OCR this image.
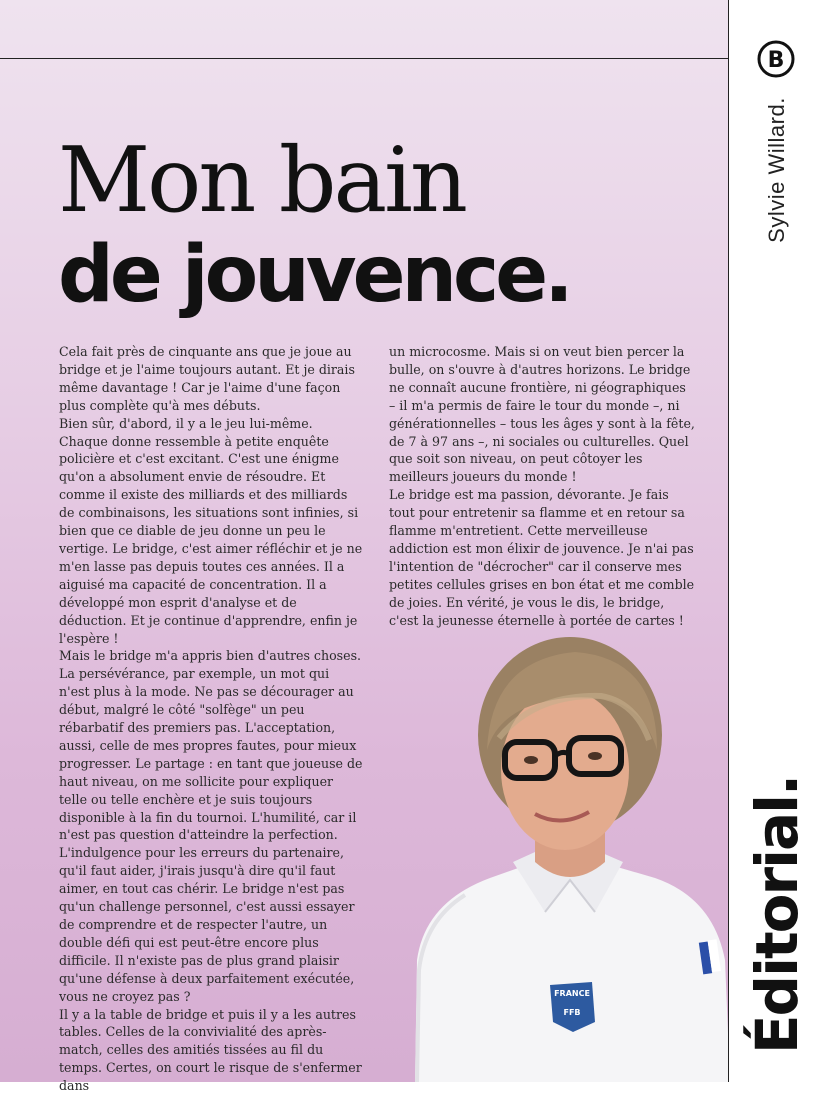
Mon bain
de jouvence.

Cela fait près de cinquante ans que je joue au bridge et je l'aime toujours autant. Et je dirais même davantage ! Car je l'aime d'une façon plus complète qu'à mes débuts.

Bien sûr, d'abord, il y a le jeu lui-même. Chaque donne ressemble à petite enquête policière et c'est excitant. C'est une énigme qu'on a absolument envie de résoudre. Et comme il existe des milliards et des milliards de combinaisons, les situations sont infinies, si bien que ce diable de jeu donne un peu le vertige. Le bridge, c'est aimer réfléchir et je ne m'en lasse pas depuis toutes ces années. Il a aiguisé ma capacité de concentration. Il a développé mon esprit d'analyse et de déduction. Et je continue d'apprendre, enfin je l'espère !

Mais le bridge m'a appris bien d'autres choses. La persévérance, par exemple, un mot qui n'est plus à la mode. Ne pas se décourager au début, malgré le côté "solfège" un peu rébarbatif des premiers pas. L'acceptation, aussi, celle de mes propres fautes, pour mieux progresser. Le partage : en tant que joueuse de haut niveau, on me sollicite pour expliquer telle ou telle enchère et je suis toujours disponible à la fin du tournoi. L'humilité, car il n'est pas question d'atteindre la perfection. L'indulgence pour les erreurs du partenaire, qu'il faut aider, j'irais jusqu'à dire qu'il faut aimer, en tout cas chérir. Le bridge n'est pas qu'un challenge personnel, c'est aussi essayer de comprendre et de respecter l'autre, un double défi qui est peut-être encore plus difficile. Il n'existe pas de plus grand plaisir qu'une défense à deux parfaitement exécutée, vous ne croyez pas ?

Il y a la table de bridge et puis il y a les autres tables. Celles de la convivialité des après-match, celles des amitiés tissées au fil du temps. Certes, on court le risque de s'enfermer dans

un microcosme. Mais si on veut bien percer la bulle, on s'ouvre à d'autres horizons. Le bridge ne connaît aucune frontière, ni géographiques – il m'a permis de faire le tour du monde –, ni générationnelles – tous les âges y sont à la fête, de 7 à 97 ans –, ni sociales ou culturelles. Quel que soit son niveau, on peut côtoyer les meilleurs joueurs du monde !

Le bridge est ma passion, dévorante. Je fais tout pour entretenir sa flamme et en retour sa flamme m'entretient. Cette merveilleuse addiction est mon élixir de jouvence. Je n'ai pas l'intention de "décrocher" car il conserve mes petites cellules grises en bon état et me comble de joies. En vérité, je vous le dis, le bridge, c'est la jeunesse éternelle à portée de cartes !

FRANCE
FFB
B
Sylvie Willard.
Éditorial.
